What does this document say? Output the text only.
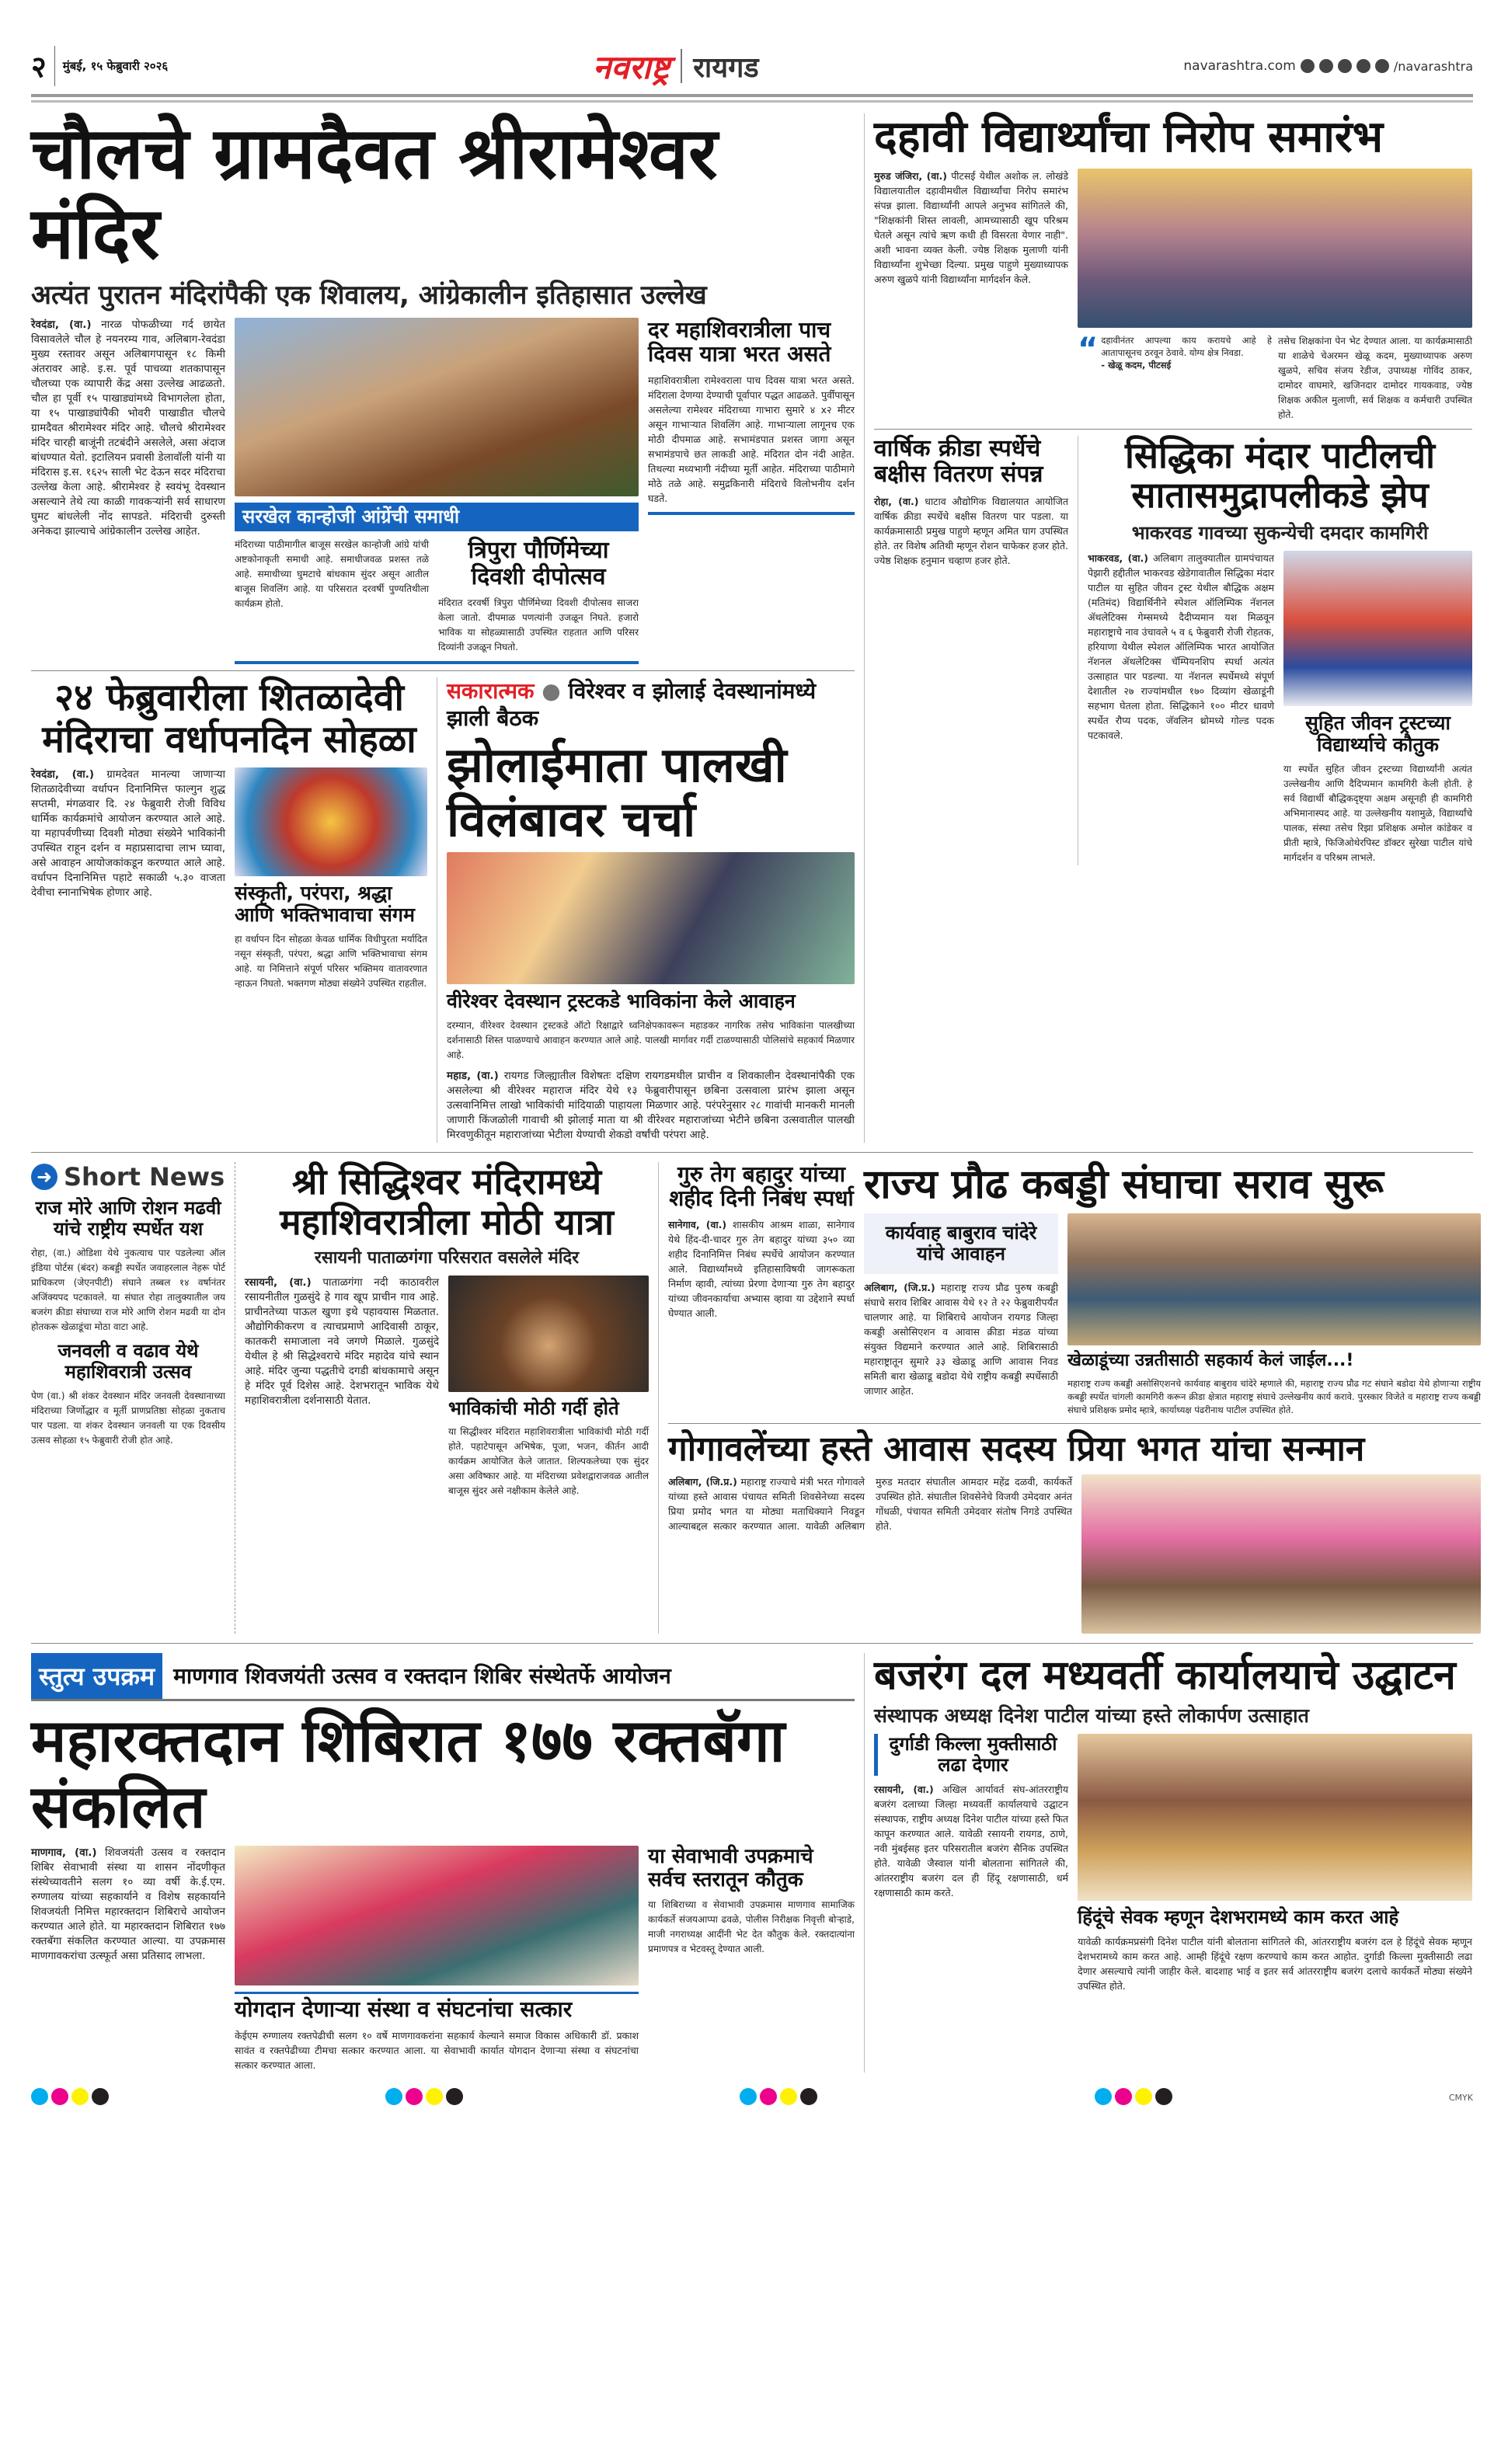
२ मुंबई, १५ फेब्रुवारी २०२६	नवराष्ट्र रायगड	navarashtra.com	/navarashtra
चौलचे ग्रामदैवत श्रीरामेश्वर मंदिर
अत्यंत पुरातन मंदिरांपैकी एक शिवालय, आंग्रेकालीन इतिहासात उल्लेख
रेवदंडा, (वा.) नारळ पोफळीच्या गर्द छायेत विसावलेले चौल हे नयनरम्य गाव, अलिबाग-रेवदंडा मुख्य रस्तावर असून अलिबागपासून १८ किमी अंतरावर आहे. इ.स. पूर्व पाचव्या शतकापासून चौलच्या एक व्यापारी केंद्र असा उल्लेख आढळतो. चौल हा पूर्वी १५ पाखाड्यांमध्ये विभागलेला होता, या १५ पाखाड्यांपैकी भोवरी पाखाडीत चौलचे ग्रामदैवत श्रीरामेश्वर मंदिर आहे. चौलचे श्रीरामेश्वर मंदिर चारही बाजूंनी तटबंदीने असलेले, असा अंदाज बांधण्यात येतो. इटालियन प्रवासी डेलावॉली यांनी या मंदिरास इ.स. १६२५ साली भेट देऊन सदर मंदिराचा उल्लेख केला आहे. श्रीरामेश्वर हे स्वयंभू देवस्थान असल्याने तेथे त्या काळी गावकऱ्यांनी सर्व साधारण घुमट बांधलेली नोंद सापडते. मंदिराची दुरुस्ती अनेकदा झाल्याचे आंग्रेकालीन उल्लेख आहेत.
सरखेल कान्होजी आंग्रेंची समाधी
मंदिराच्या पाठीमागील बाजूस सरखेल कान्होजी आंग्रे यांची अष्टकोनाकृती समाधी आहे. समाधीजवळ प्रशस्त तळे आहे. समाधीच्या घुमटाचे बांधकाम सुंदर असून आतील बाजूस शिवलिंग आहे. या परिसरात दरवर्षी पुण्यतिथीला कार्यक्रम होतो.
त्रिपुरा पौर्णिमेच्या दिवशी दीपोत्सव
मंदिरात दरवर्षी त्रिपुरा पौर्णिमेच्या दिवशी दीपोत्सव साजरा केला जातो. दीपमाळ पणत्यांनी उजळून निघते. हजारो भाविक या सोहळ्यासाठी उपस्थित राहतात आणि परिसर दिव्यांनी उजळून निघतो.
दर महाशिवरात्रीला पाच दिवस यात्रा भरत असते
महाशिवरात्रीला रामेश्वराला पाच दिवस यात्रा भरत असते. मंदिराला देणग्या देण्याची पूर्वापार पद्धत आढळते. पुर्वीपासून असलेल्या रामेश्वर मंदिराच्या गाभारा सुमारे ४ x२ मीटर असून गाभाऱ्यात शिवलिंग आहे. गाभाऱ्याला लागूनच एक मोठी दीपमाळ आहे. सभामंडपात प्रशस्त जागा असून सभामंडपाचे छत लाकडी आहे. मंदिरात दोन नंदी आहेत. तिथल्या मध्यभागी नंदीच्या मूर्ती आहेत. मंदिराच्या पाठीमागे मोठे तळे आहे. समुद्रकिनारी मंदिराचे विलोभनीय दर्शन घडते.
२४ फेब्रुवारीला शितळादेवी मंदिराचा वर्धापनदिन सोहळा
रेवदंडा, (वा.) ग्रामदेवत मानल्या जाणाऱ्या शितळादेवीच्या वर्धापन दिनानिमित्त फाल्गुन शुद्ध सप्तमी, मंगळवार दि. २४ फेब्रुवारी रोजी विविध धार्मिक कार्यक्रमांचे आयोजन करण्यात आले आहे. या महापर्वणीच्या दिवशी मोठ्या संख्येने भाविकांनी उपस्थित राहून दर्शन व महाप्रसादाचा लाभ घ्यावा, असे आवाहन आयोजकांकडून करण्यात आले आहे. वर्धापन दिनानिमित्त पहाटे सकाळी ५.३० वाजता देवीचा स्नानाभिषेक होणार आहे.	संस्कृती, परंपरा, श्रद्धा आणि भक्तिभावाचा संगम
हा वर्धापन दिन सोहळा केवळ धार्मिक विधीपुरता मर्यादित नसून संस्कृती, परंपरा, श्रद्धा आणि भक्तिभावाचा संगम आहे. या निमित्ताने संपूर्ण परिसर भक्तिमय वातावरणात न्हाऊन निघतो. भक्तगण मोठ्या संख्येने उपस्थित राहतील.
सकारात्मक ● विरेश्वर व झोलाई देवस्थानांमध्ये झाली बैठक
झोलाईमाता पालखी विलंबावर चर्चा
वीरेश्वर देवस्थान ट्रस्टकडे भाविकांना केले आवाहन
दरम्यान, वीरेश्वर देवस्थान ट्रस्टकडे ऑटो रिक्षाद्वारे ध्वनिक्षेपकावरून महाडकर नागरिक तसेच भाविकांना पालखीच्या दर्शनासाठी शिस्त पाळण्याचे आवाहन करण्यात आले आहे. पालखी मार्गावर गर्दी टाळण्यासाठी पोलिसांचे सहकार्य मिळणार आहे.
महाड, (वा.) रायगड जिल्ह्यातील विशेषतः दक्षिण रायगडमधील प्राचीन व शिवकालीन देवस्थानांपैकी एक असलेल्या श्री वीरेश्वर महाराज मंदिर येथे १३ फेब्रुवारीपासून छबिना उत्सवाला प्रारंभ झाला असून उत्सवानिमित्त लाखो भाविकांची मांदियाळी पाहायला मिळणार आहे. परंपरेनुसार २८ गावांची मानकरी मानली जाणारी किंजळोली गावाची श्री झोलाई माता या श्री वीरेश्वर महाराजांच्या भेटीने छबिना उत्सवातील पालखी मिरवणुकीतून महाराजांच्या भेटीला येण्याची शेकडो वर्षांची परंपरा आहे.
दहावी विद्यार्थ्यांचा निरोप समारंभ
मुरुड जंजिरा, (वा.) पीटसई येथील अशोक ल. लोखंडे विद्यालयातील दहावीमधील विद्यार्थ्यांचा निरोप समारंभ संपन्न झाला. विद्यार्थ्यांनी आपले अनुभव सांगितले की, "शिक्षकांनी शिस्त लावली, आमच्यासाठी खूप परिश्रम घेतले असून त्यांचे ऋण कधी ही विसरता येणार नाही". अशी भावना व्यक्त केली. ज्येष्ठ शिक्षक मुलाणी यांनी विद्यार्थ्यांना शुभेच्छा दिल्या. प्रमुख पाहुणे मुख्याध्यापक अरुण खुळपे यांनी विद्यार्थ्यांना मार्गदर्शन केले.
“ दहावीनंतर आपल्या काय करायचे आहे हे आतापासूनच ठरवून ठेवावे. योग्य क्षेत्र निवडा.
- खेळू कदम, पीटसई
तसेच शिक्षकांना पेन भेट देण्यात आला. या कार्यक्रमासाठी या शाळेचे चेअरमन खेळू कदम, मुख्याध्यापक अरुण खुळपे, सचिव संजय रेडीज, उपाध्यक्ष गोविंद ठाकर, दामोदर वाघमारे, खजिनदार दामोदर गायकवाड, ज्येष्ठ शिक्षक अकील मुलाणी, सर्व शिक्षक व कर्मचारी उपस्थित होते.
वार्षिक क्रीडा स्पर्धेचे बक्षीस वितरण संपन्न
रोहा, (वा.) धाटाव औद्योगिक विद्यालयात आयोजित वार्षिक क्रीडा स्पर्धेचे बक्षीस वितरण पार पडला. या कार्यक्रमासाठी प्रमुख पाहुणे म्हणून अमित घाग उपस्थित होते. तर विशेष अतिथी म्हणून रोशन चाफेकर हजर होते. ज्येष्ठ शिक्षक हनुमान चव्हाण हजर होते.
सिद्धिका मंदार पाटीलची सातासमुद्रापलीकडे झेप
भाकरवड गावच्या सुकन्येची दमदार कामगिरी
भाकरवड, (वा.) अलिबाग तालुक्यातील ग्रामपंचायत पेझारी हद्दीतील भाकरवड खेडेगावातील सिद्धिका मंदार पाटील या सुहित जीवन ट्रस्ट येथील बौद्धिक अक्षम (मतिमंद) विद्यार्थिनीने स्पेशल ऑलिम्पिक नॅशनल ॲथलेटिक्स गेम्समध्ये दैदीप्यमान यश मिळवून महाराष्ट्राचे नाव उंचावले ५ व ६ फेब्रुवारी रोजी रोहतक, हरियाणा येथील स्पेशल ऑलिम्पिक भारत आयोजित नॅशनल ॲथलेटिक्स चॅम्पियनशिप स्पर्धा अत्यंत उत्साहात पार पडल्या. या नॅशनल स्पर्धेमध्ये संपूर्ण देशातील २७ राज्यांमधील १७० दिव्यांग खेळाडूंनी सहभाग घेतला होता. सिद्धिकाने १०० मीटर धावणे स्पर्धेत रौप्य पदक, जॅवलिन थ्रोमध्ये गोल्ड पदक पटकावले.
सुहित जीवन ट्रस्टच्या विद्यार्थ्याचे कौतुक
या स्पर्धेत सुहित जीवन ट्रस्टच्या विद्यार्थ्यांनी अत्यंत उल्लेखनीय आणि दैदिप्यमान कामगिरी केली होती. हे सर्व विद्यार्थी बौद्धिकदृष्ट्या अक्षम असूनही ही कामगिरी अभिमानास्पद आहे. या उल्लेखनीय यशामुळे, विद्यार्थ्यांचे पालक, संस्था तसेच रिझा प्रशिक्षक अमोल कांडेकर व प्रीती म्हात्रे, फिजिओथेरपिस्ट डॉक्टर सुरेखा पाटील यांचे मार्गदर्शन व परिश्रम लाभले.
➜ Short News
राज मोरे आणि रोशन मढवी यांचे राष्ट्रीय स्पर्धेत यश
रोहा, (वा.) ओडिशा येथे नुकत्याच पार पडलेल्या ऑल इंडिया पोर्टस (बंदर) कबड्डी स्पर्धेत जवाहरलाल नेहरू पोर्ट प्राधिकरण (जेएनपीटी) संघाने तब्बल १४ वर्षानंतर अजिंक्यपद पटकावले. या संघात रोहा तालुक्यातील जय बजरंग क्रीडा संघाच्या राज मोरे आणि रोशन मढवी या दोन होतकरू खेळाडूंचा मोठा वाटा आहे.
जनवली व वढाव येथे महाशिवरात्री उत्सव
पेण (वा.) श्री शंकर देवस्थान मंदिर जनवली देवस्थानाच्या मंदिराच्या जिर्णोद्धार व मूर्ती प्राणप्रतिष्ठा सोहळा नुकताच पार पडला. या शंकर देवस्थान जनवली या एक दिवसीय उत्सव सोहळा १५ फेब्रुवारी रोजी होत आहे.
श्री सिद्धिश्वर मंदिरामध्ये महाशिवरात्रीला मोठी यात्रा
रसायनी पाताळगंगा परिसरात वसलेले मंदिर
रसायनी, (वा.) पाताळगंगा नदी काठावरील रसायनीतील गुळसुंदे हे गाव खूप प्राचीन गाव आहे. प्राचीनतेच्या पाऊल खुणा इथे पहावयास मिळतात. औद्योगिकीकरण व त्याचप्रमाणे आदिवासी ठाकूर, कातकरी समाजाला नवे जगणे मिळाले. गुळसुंदे येथील हे श्री सिद्धेश्वराचे मंदिर महादेव यांचे स्थान आहे. मंदिर जुन्या पद्धतीचे दगडी बांधकामाचे असून हे मंदिर पूर्व दिशेस आहे. देशभरातून भाविक येथे महाशिवरात्रीला दर्शनासाठी येतात.	भाविकांची मोठी गर्दी होते
या सिद्धीश्वर मंदिरात महाशिवरात्रीला भाविकांची मोठी गर्दी होते. पहाटेपासून अभिषेक, पूजा, भजन, कीर्तन आदी कार्यक्रम आयोजित केले जातात. शिल्पकलेच्या एक सुंदर असा अविष्कार आहे. या मंदिराच्या प्रवेशद्वाराजवळ आतील बाजूस सुंदर असे नक्षीकाम केलेले आहे.
गुरु तेग बहादुर यांच्या शहीद दिनी निबंध स्पर्धा
सानेगाव, (वा.) शासकीय आश्रम शाळा, सानेगाव येथे हिंद-दी-चादर गुरु तेग बहादुर यांच्या ३५० व्या शहीद दिनानिमित्त निबंध स्पर्धेचे आयोजन करण्यात आले. विद्यार्थ्यांमध्ये इतिहासाविषयी जागरूकता निर्माण व्हावी, त्यांच्या प्रेरणा देणाऱ्या गुरु तेग बहादुर यांच्या जीवनकार्याचा अभ्यास व्हावा या उद्देशाने स्पर्धा घेण्यात आली.
राज्य प्रौढ कबड्डी संघाचा सराव सुरू
कार्यवाह बाबुराव चांदेरे यांचे आवाहन
अलिबाग, (जि.प्र.) महाराष्ट्र राज्य प्रौढ पुरुष कबड्डी संघाचे सराव शिबिर आवास येथे १२ ते २२ फेब्रुवारीपर्यंत चालणार आहे. या शिबिराचे आयोजन रायगड जिल्हा कबड्डी असोसिएशन व आवास क्रीडा मंडळ यांच्या संयुक्त विद्यमाने करण्यात आले आहे. शिबिरासाठी महाराष्ट्रातून सुमारे ३३ खेळाडू आणि आवास निवड समिती बारा खेळाडू बडोदा येथे राष्ट्रीय कबड्डी स्पर्धेसाठी जाणार आहेत.
खेळाडूंच्या उन्नतीसाठी सहकार्य केलं जाईल...!
महाराष्ट्र राज्य कबड्डी असोसिएशनचे कार्यवाह बाबुराव चांदेरे म्हणाले की, महाराष्ट्र राज्य प्रौढ गट संघाने बडोदा येथे होणाऱ्या राष्ट्रीय कबड्डी स्पर्धेत चांगली कामगिरी करून क्रीडा क्षेत्रात महाराष्ट्र संघाचे उल्लेखनीय कार्य करावे. पुरस्कार विजेते व महाराष्ट्र राज्य कबड्डी संघाचे प्रशिक्षक प्रमोद म्हात्रे, कार्याध्यक्ष पंढरीनाथ पाटील उपस्थित होते.
गोगावलेंच्या हस्ते आवास सदस्य प्रिया भगत यांचा सन्मान
अलिबाग, (जि.प्र.) महाराष्ट्र राज्याचे मंत्री भरत गोगावले यांच्या हस्ते आवास पंचायत समिती शिवसेनेच्या सदस्य प्रिया प्रमोद भगत या मोठ्या मताधिक्याने निवडून आल्याबद्दल सत्कार करण्यात आला. यावेळी अलिबाग मुरुड मतदार संघातील आमदार महेंद्र दळवी, कार्यकर्ते उपस्थित होते. संघातील शिवसेनेचे विजयी उमेदवार अनंत गोंधळी, पंचायत समिती उमेदवार संतोष निगडे उपस्थित होते.
स्तुत्य उपक्रम माणगाव शिवजयंती उत्सव व रक्तदान शिबिर संस्थेतर्फे आयोजन
महारक्तदान शिबिरात १७७ रक्तबॅगा संकलित
माणगाव, (वा.) शिवजयंती उत्सव व रक्तदान शिबिर सेवाभावी संस्था या शासन नोंदणीकृत संस्थेच्यावतीने सलग १० व्या वर्षी के.ई.एम. रुग्णालय यांच्या सहकार्याने व विशेष सहकार्याने शिवजयंती निमित्त महारक्तदान शिबिराचे आयोजन करण्यात आले होते. या महारक्तदान शिबिरात १७७ रक्तबॅगा संकलित करण्यात आल्या. या उपक्रमास माणगावकरांचा उत्स्फूर्त असा प्रतिसाद लाभला.
योगदान देणाऱ्या संस्था व संघटनांचा सत्कार
केईएम रुग्णालय रक्तपेढीची सलग १० वर्षे माणगावकरांना सहकार्य केल्याने समाज विकास अधिकारी डॉ. प्रकाश सावंत व रक्तपेढीच्या टीमचा सत्कार करण्यात आला. या सेवाभावी कार्यात योगदान देणाऱ्या संस्था व संघटनांचा सत्कार करण्यात आला.
या सेवाभावी उपक्रमाचे सर्वच स्तरातून कौतुक
या शिबिराच्या व सेवाभावी उपक्रमास माणगाव सामाजिक कार्यकर्ते संजयआप्पा ढवळे, पोलीस निरीक्षक निवृत्ती बोऱ्हाडे, माजी नगराध्यक्ष आदींनी भेट देत कौतुक केले. रक्तदात्यांना प्रमाणपत्र व भेटवस्तू देण्यात आली.
बजरंग दल मध्यवर्ती कार्यालयाचे उद्घाटन
संस्थापक अध्यक्ष दिनेश पाटील यांच्या हस्ते लोकार्पण उत्साहात
दुर्गाडी किल्ला मुक्तीसाठी लढा देणार
रसायनी, (वा.) अखिल आर्यावर्त संघ-आंतरराष्ट्रीय बजरंग दलाच्या जिल्हा मध्यवर्ती कार्यालयाचे उद्घाटन संस्थापक, राष्ट्रीय अध्यक्ष दिनेश पाटील यांच्या हस्ते फित कापून करण्यात आले. यावेळी रसायनी रायगड, ठाणे, नवी मुंबईसह इतर परिसरातील बजरंग सैनिक उपस्थित होते. यावेळी जैस्वाल यांनी बोलताना सांगितले की, आंतरराष्ट्रीय बजरंग दल ही हिंदू रक्षणासाठी, धर्म रक्षणासाठी काम करते.
हिंदूंचे सेवक म्हणून देशभरामध्ये काम करत आहे
यावेळी कार्यक्रमप्रसंगी दिनेश पाटील यांनी बोलताना सांगितले की, आंतरराष्ट्रीय बजरंग दल हे हिंदूंचे सेवक म्हणून देशभरामध्ये काम करत आहे. आम्ही हिंदूंचे रक्षण करण्याचे काम करत आहोत. दुर्गाडी किल्ला मुक्तीसाठी लढा देणार असल्याचे त्यांनी जाहीर केले. बादशाह भाई व इतर सर्व आंतरराष्ट्रीय बजरंग दलाचे कार्यकर्ते मोठ्या संख्येने उपस्थित होते.
CMYK
